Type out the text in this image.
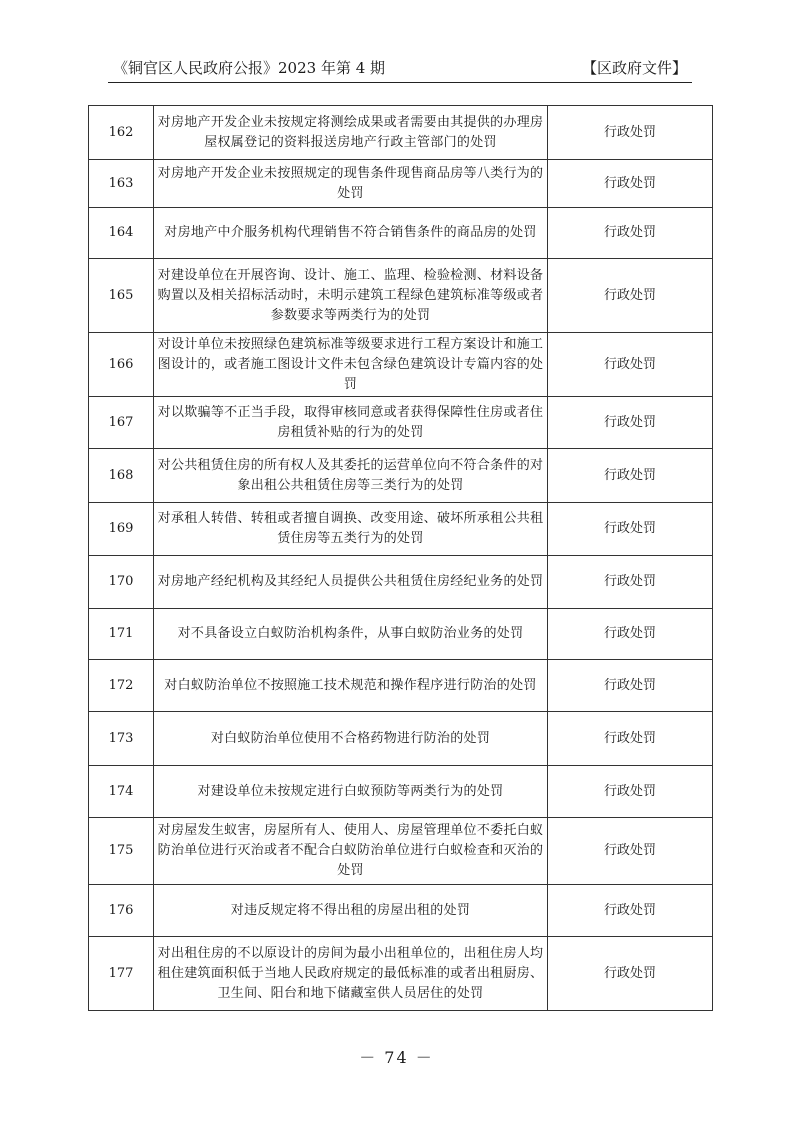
《铜官区人民政府公报》2023 年第 4 期	【区政府文件】
162	对房地产开发企业未按规定将测绘成果或者需要由其提供的办理房屋权属登记的资料报送房地产行政主管部门的处罚	行政处罚
163	对房地产开发企业未按照规定的现售条件现售商品房等八类行为的处罚	行政处罚
164	对房地产中介服务机构代理销售不符合销售条件的商品房的处罚	行政处罚
165	对建设单位在开展咨询、设计、施工、监理、检验检测、材料设备购置以及相关招标活动时，未明示建筑工程绿色建筑标准等级或者参数要求等两类行为的处罚	行政处罚
166	对设计单位未按照绿色建筑标准等级要求进行工程方案设计和施工图设计的，或者施工图设计文件未包含绿色建筑设计专篇内容的处罚	行政处罚
167	对以欺骗等不正当手段，取得审核同意或者获得保障性住房或者住房租赁补贴的行为的处罚	行政处罚
168	对公共租赁住房的所有权人及其委托的运营单位向不符合条件的对象出租公共租赁住房等三类行为的处罚	行政处罚
169	对承租人转借、转租或者擅自调换、改变用途、破坏所承租公共租赁住房等五类行为的处罚	行政处罚
170	对房地产经纪机构及其经纪人员提供公共租赁住房经纪业务的处罚	行政处罚
171	对不具备设立白蚁防治机构条件，从事白蚁防治业务的处罚	行政处罚
172	对白蚁防治单位不按照施工技术规范和操作程序进行防治的处罚	行政处罚
173	对白蚁防治单位使用不合格药物进行防治的处罚	行政处罚
174	对建设单位未按规定进行白蚁预防等两类行为的处罚	行政处罚
175	对房屋发生蚁害，房屋所有人、使用人、房屋管理单位不委托白蚁防治单位进行灭治或者不配合白蚁防治单位进行白蚁检查和灭治的处罚	行政处罚
176	对违反规定将不得出租的房屋出租的处罚	行政处罚
177	对出租住房的不以原设计的房间为最小出租单位的，出租住房人均租住建筑面积低于当地人民政府规定的最低标准的或者出租厨房、卫生间、阳台和地下储藏室供人员居住的处罚	行政处罚
－ 74 －
